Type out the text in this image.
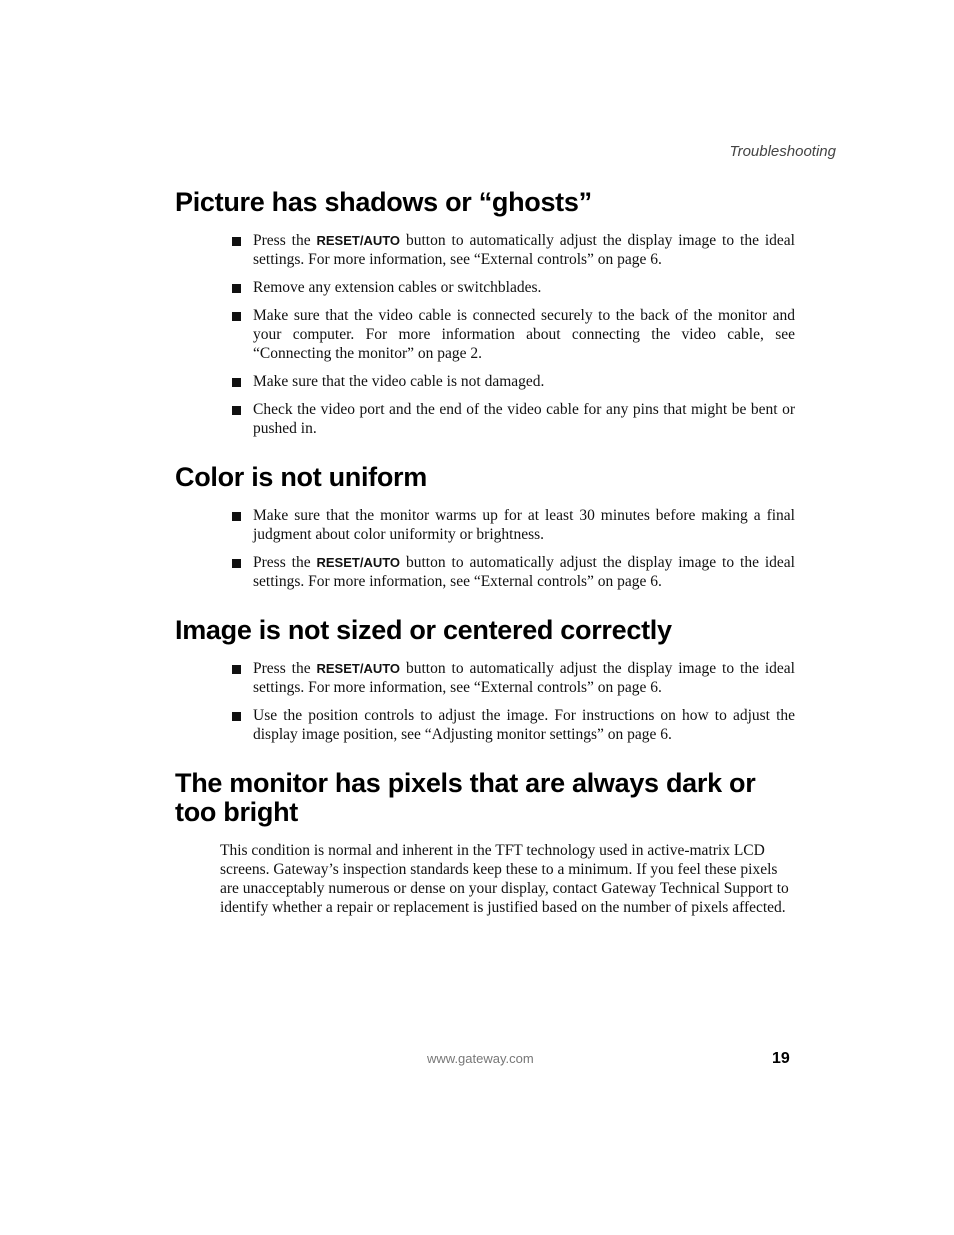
Troubleshooting
Picture has shadows or “ghosts”
Press the RESET/AUTO button to automatically adjust the display image to the ideal settings. For more information, see “External controls” on page 6.
Remove any extension cables or switchblades.
Make sure that the video cable is connected securely to the back of the monitor and your computer. For more information about connecting the video cable, see “Connecting the monitor” on page 2.
Make sure that the video cable is not damaged.
Check the video port and the end of the video cable for any pins that might be bent or pushed in.
Color is not uniform
Make sure that the monitor warms up for at least 30 minutes before making a final judgment about color uniformity or brightness.
Press the RESET/AUTO button to automatically adjust the display image to the ideal settings. For more information, see “External controls” on page 6.
Image is not sized or centered correctly
Press the RESET/AUTO button to automatically adjust the display image to the ideal settings. For more information, see “External controls” on page 6.
Use the position controls to adjust the image. For instructions on how to adjust the display image position, see “Adjusting monitor settings” on page 6.
The monitor has pixels that are always dark or too bright

This condition is normal and inherent in the TFT technology used in active-matrix LCD screens. Gateway’s inspection standards keep these to a minimum. If you feel these pixels are unacceptably numerous or dense on your display, contact Gateway Technical Support to identify whether a repair or replacement is justified based on the number of pixels affected.

www.gateway.com	19
